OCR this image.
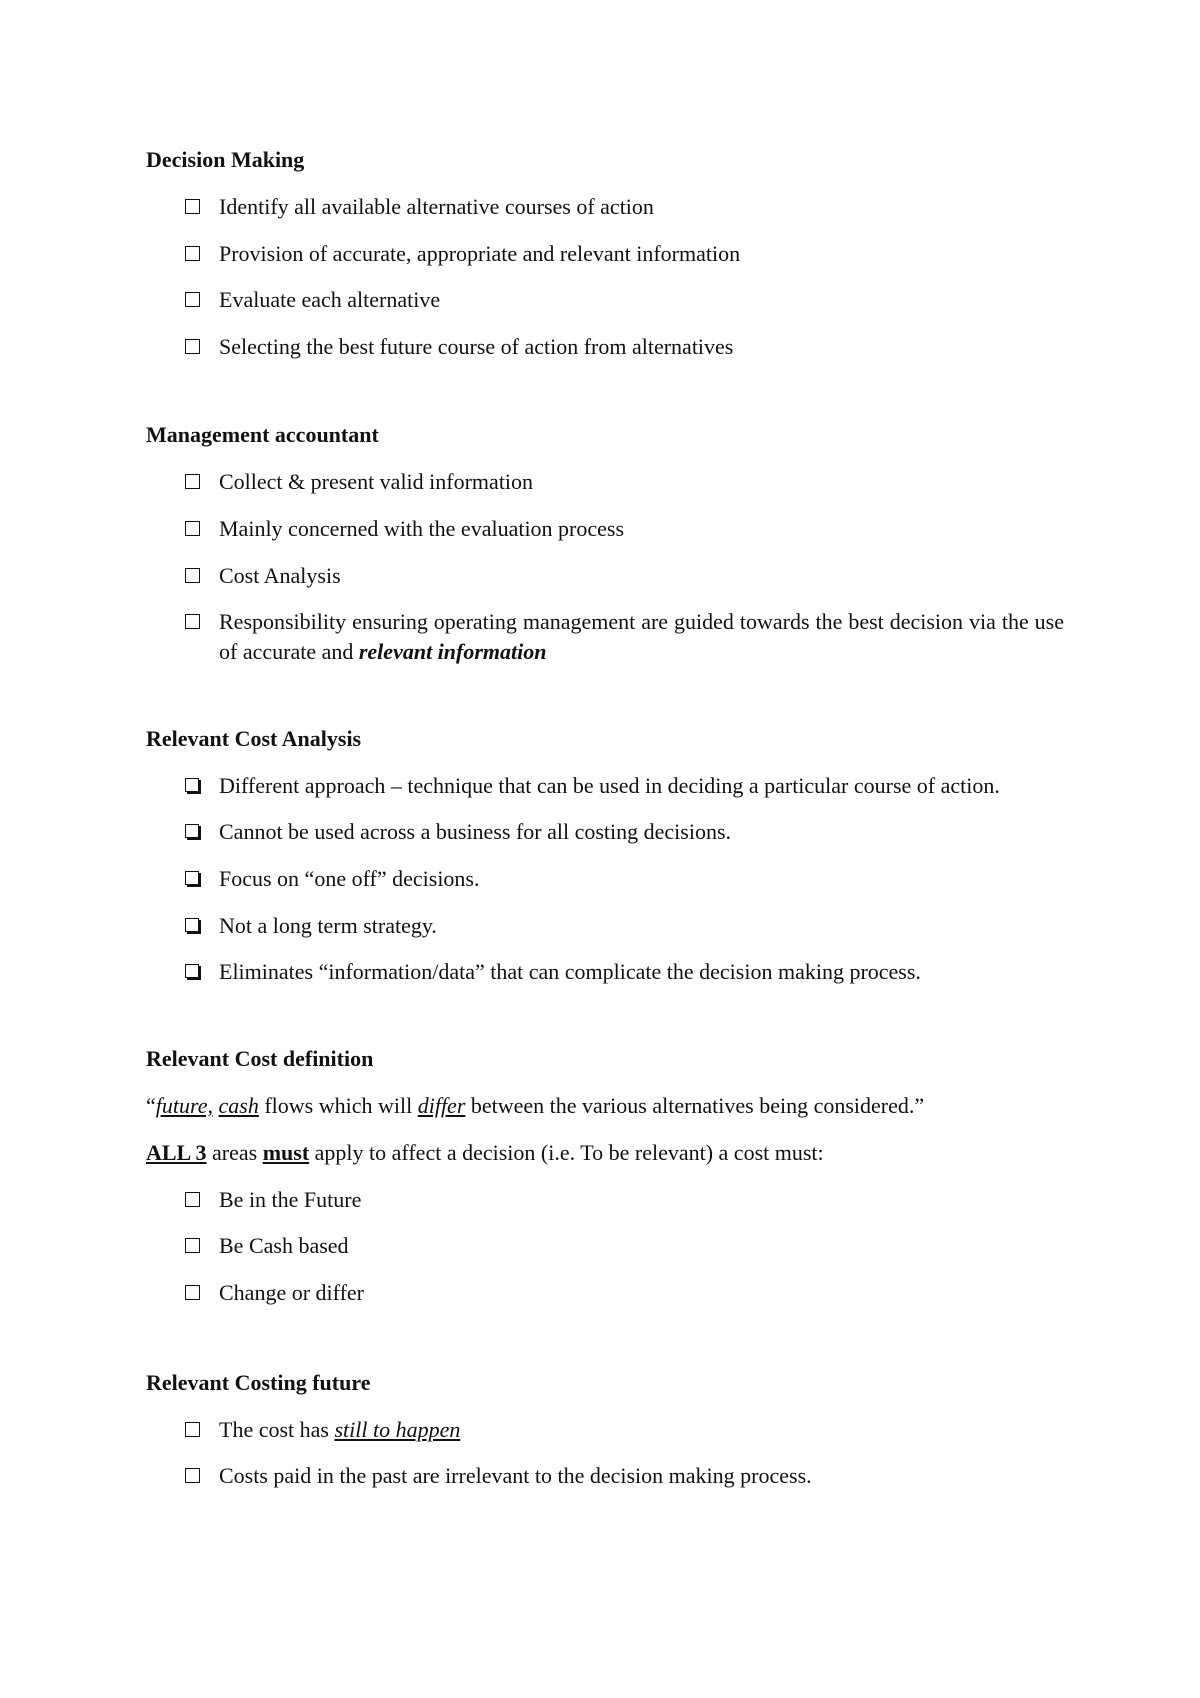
Decision Making
Identify all available alternative courses of action
Provision of accurate, appropriate and relevant information
Evaluate each alternative
Selecting the best future course of action from alternatives
Management accountant
Collect & present valid information
Mainly concerned with the evaluation process
Cost Analysis
Responsibility ensuring operating management are guided towards the best decision via the use of accurate and relevant information
Relevant Cost Analysis
Different approach – technique that can be used in deciding a particular course of action.
Cannot be used across a business for all costing decisions.
Focus on “one off” decisions.
Not a long term strategy.
Eliminates “information/data” that can complicate the decision making process.
Relevant Cost definition

“future, cash flows which will differ between the various alternatives being considered.”

ALL 3 areas must apply to affect a decision (i.e. To be relevant) a cost must:

Be in the Future
Be Cash based
Change or differ
Relevant Costing future
The cost has still to happen
Costs paid in the past are irrelevant to the decision making process.
